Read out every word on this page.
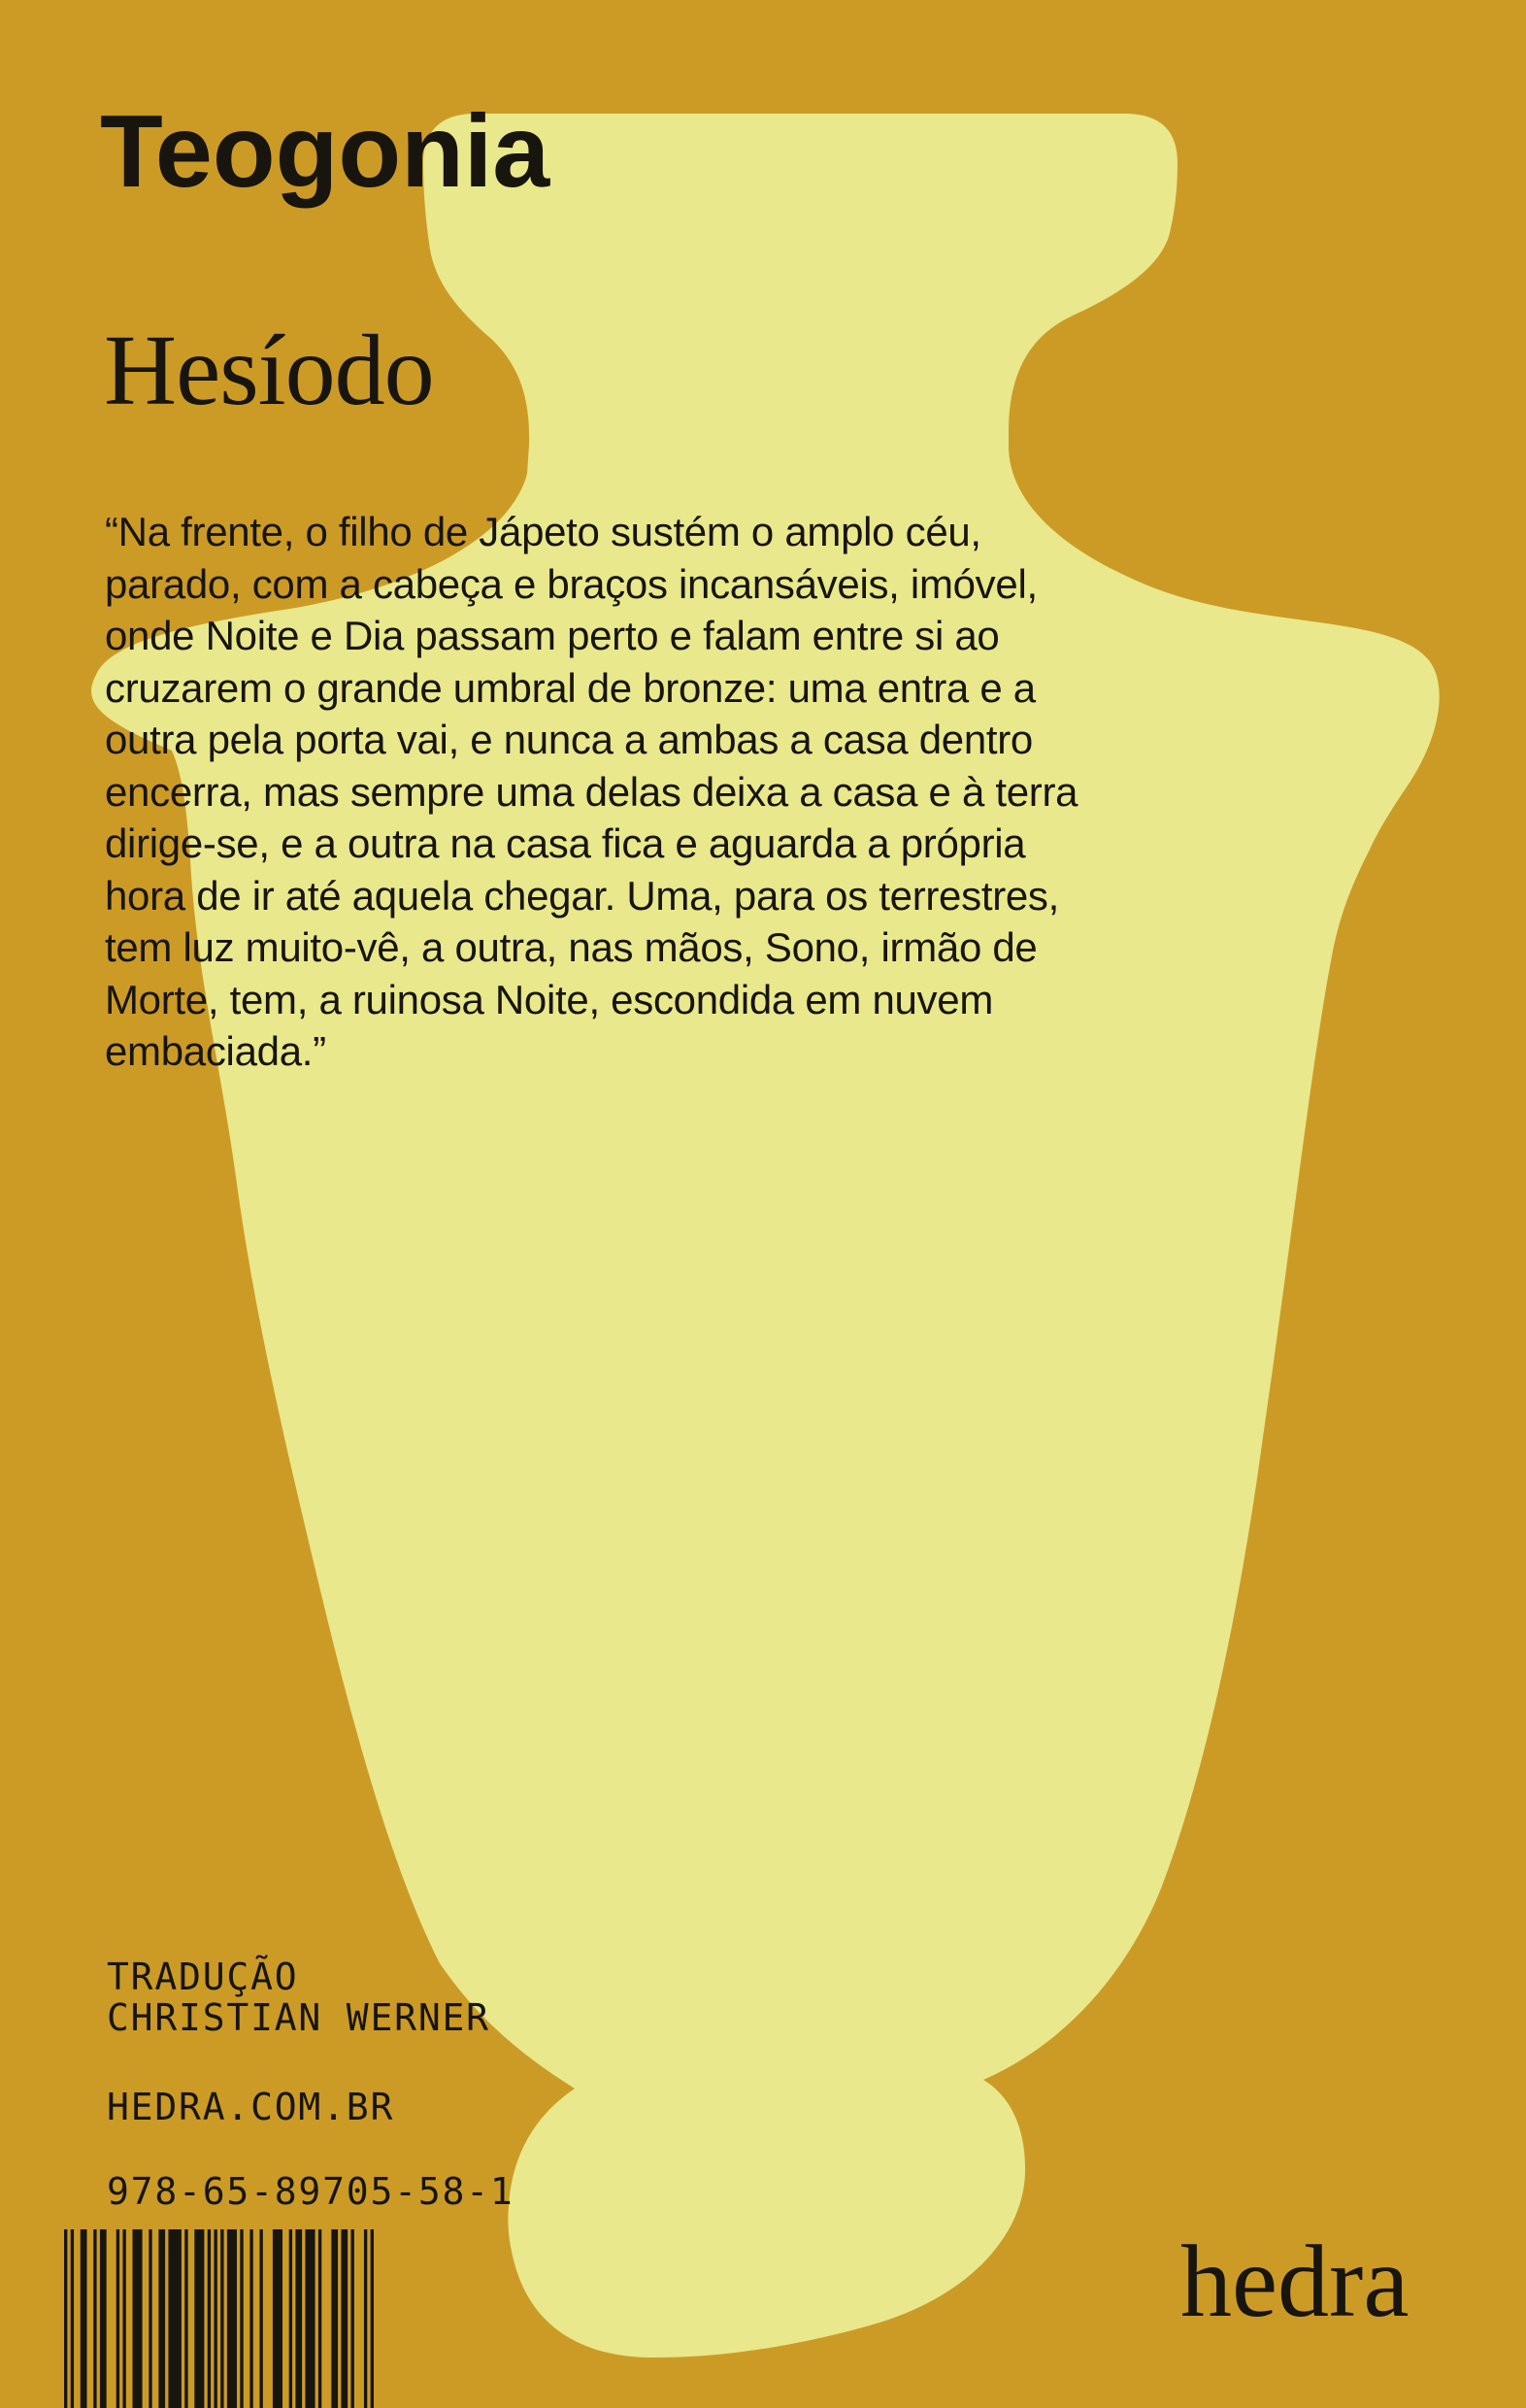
Teogonia
Hesíodo
“Na frente, o filho de Jápeto sustém o amplo céu,
parado, com a cabeça e braços incansáveis, imóvel,
onde Noite e Dia passam perto e falam entre si ao
cruzarem o grande umbral de bronze: uma entra e a
outra pela porta vai, e nunca a ambas a casa dentro
encerra, mas sempre uma delas deixa a casa e à terra
dirige-se, e a outra na casa fica e aguarda a própria
hora de ir até aquela chegar. Uma, para os terrestres,
tem luz muito-vê, a outra, nas mãos, Sono, irmão de
Morte, tem, a ruinosa Noite, escondida em nuvem
embaciada.”
TRADUÇÃO
CHRISTIAN WERNER
HEDRA.COM.BR
978-65-89705-58-1
hedra
